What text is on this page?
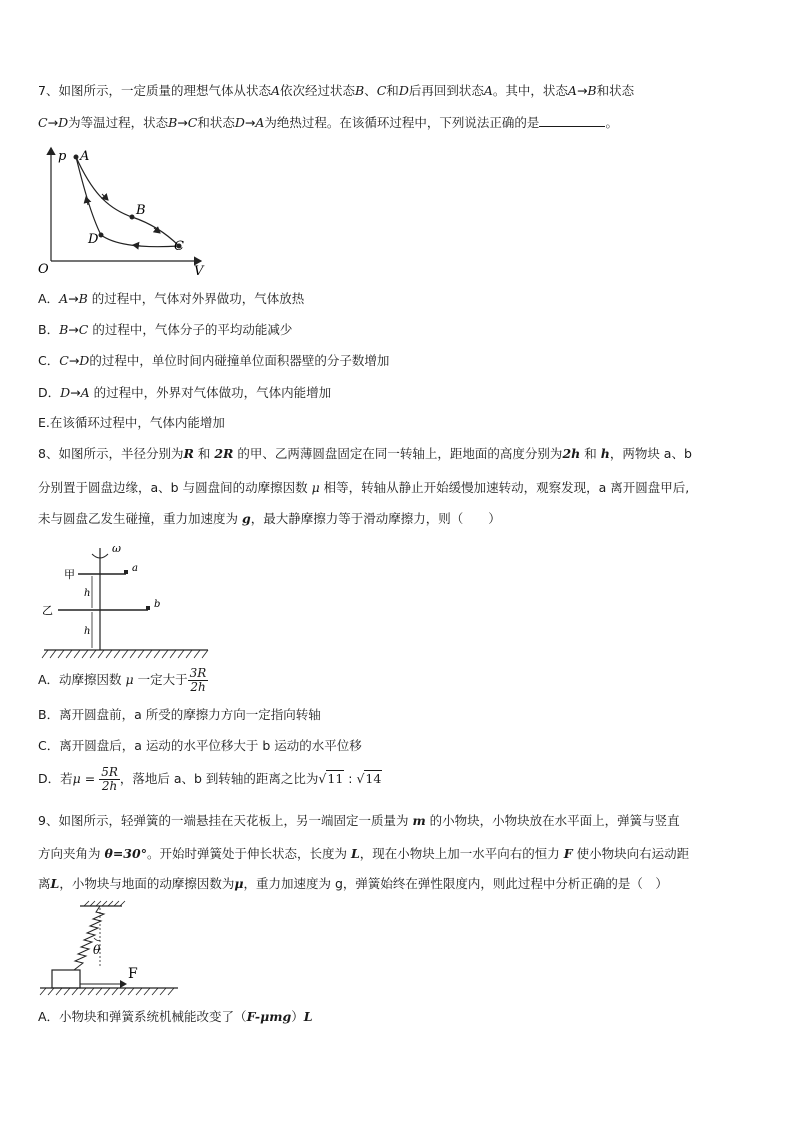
7、如图所示，一定质量的理想气体从状态A依次经过状态B、C和D后再回到状态A。其中，状态A→B和状态
C→D为等温过程，状态B→C和状态D→A为绝热过程。在该循环过程中，下列说法正确的是	。
p
V
O
A
B
C
D
A．A→B 的过程中，气体对外界做功，气体放热
B．B→C 的过程中，气体分子的平均动能减少
C．C→D的过程中，单位时间内碰撞单位面积器壁的分子数增加
D．D→A 的过程中，外界对气体做功，气体内能增加
E.在该循环过程中，气体内能增加
8、如图所示，半径分别为R 和 2R 的甲、乙两薄圆盘固定在同一转轴上，距地面的高度分别为2h 和 h，两物块 a、b
分别置于圆盘边缘，a、b 与圆盘间的动摩擦因数 μ 相等，转轴从静止开始缓慢加速转动，观察发现，a 离开圆盘甲后,
未与圆盘乙发生碰撞，重力加速度为 g，最大静摩擦力等于滑动摩擦力，则（　　）
ω
a
甲
b
乙
h
h
A．动摩擦因数 μ 一定大于 $\frac{3R}{2h}$
B．离开圆盘前，a 所受的摩擦力方向一定指向转轴
C．离开圆盘后，a 运动的水平位移大于 b 运动的水平位移
D．若$\mu = \frac{5R}{2h}$ ，落地后 a、b 到转轴的距离之比为√11 : √14
9、如图所示，轻弹簧的一端悬挂在天花板上，另一端固定一质量为 m 的小物块，小物块放在水平面上，弹簧与竖直
方向夹角为 θ=30°。开始时弹簧处于伸长状态，长度为 L，现在小物块上加一水平向右的恒力 F 使小物块向右运动距
离L，小物块与地面的动摩擦因数为μ，重力加速度为 g，弹簧始终在弹性限度内，则此过程中分析正确的是（　）
θ
F
A．小物块和弹簧系统机械能改变了（F-μmg）L
